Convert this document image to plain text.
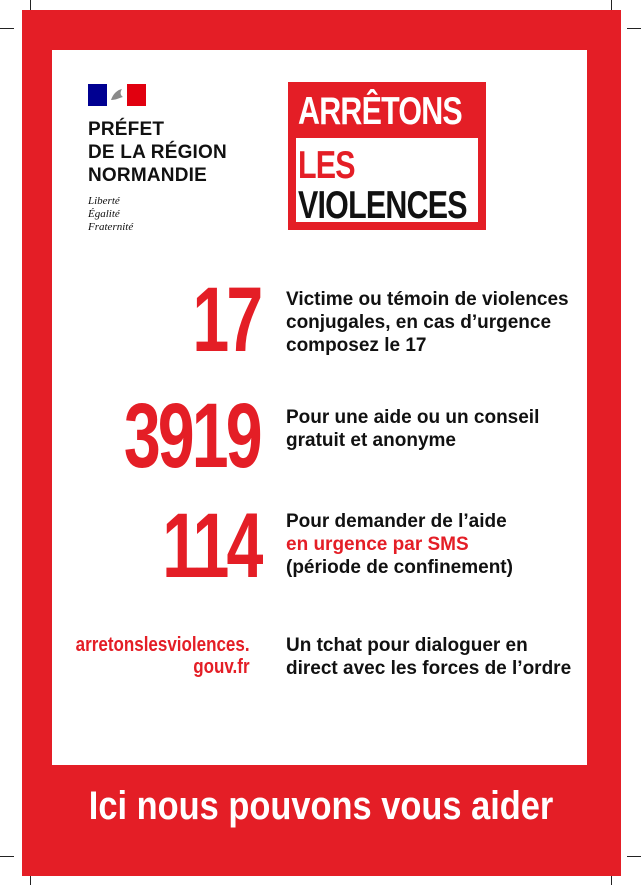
PRÉFET
DE LA RÉGION
NORMANDIE
Liberté
Égalité
Fraternité
ARRÊTONS
LES
VIOLENCES
17 Victime ou témoin de violences conjugales, en cas d’urgence composez le 17
3919 Pour une aide ou un conseil gratuit et anonyme
114 Pour demander de l’aide
en urgence par SMS
(période de confinement)
arretonslesviolences.
gouv.fr
Un tchat pour dialoguer en direct avec les forces de l’ordre
Ici nous pouvons vous aider
